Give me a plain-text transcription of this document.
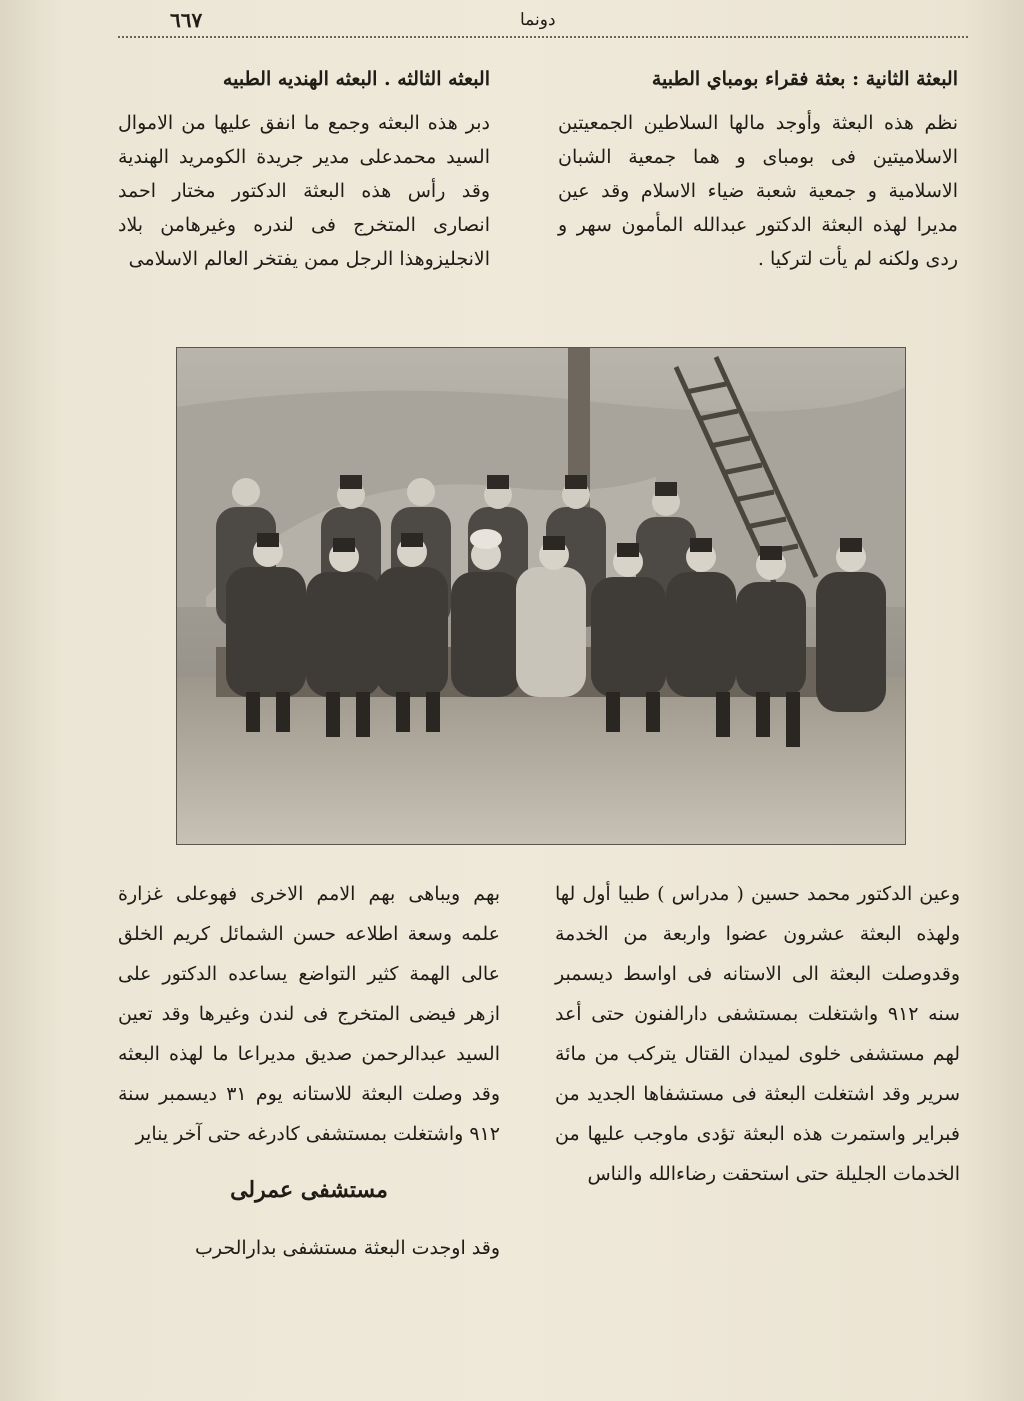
٦٦٧	دونما
البعثة الثانية : بعثة فقراء بومباي الطبية

نظم هذه البعثة وأوجد مالها السلاطين الجمعيتين الاسلاميتين فى بومباى و هما جمعية الشبان الاسلامية و جمعية شعبة ضياء الاسلام وقد عين مديرا لهذه البعثة الدكتور عبدالله المأمون سهر و ردى ولكنه لم يأت لتركيا .

البعثه الثالثه . البعثه الهنديه الطبيه

دبر هذه البعثه وجمع ما انفق عليها من الاموال السيد محمدعلى مدير جريدة الكومريد الهندية وقد رأس هذه البعثة الدكتور مختار احمد انصارى المتخرج فى لندره وغيرهامن بلاد الانجليزوهذا الرجل ممن يفتخر العالم الاسلامى

وعين الدكتور محمد حسين ( مدراس ) طبيا أول لها ولهذه البعثة عشرون عضوا واربعة من الخدمة وقدوصلت البعثة الى الاستانه فى اواسط ديسمبر سنه ٩١٢ واشتغلت بمستشفى دارالفنون حتى أعد لهم مستشفى خلوى لميدان القتال يتركب من مائة سرير وقد اشتغلت البعثة فى مستشفاها الجديد من فبراير واستمرت هذه البعثة تؤدى ماوجب عليها من الخدمات الجليلة حتى استحقت رضاءالله والناس

بهم ويباهى بهم الامم الاخرى فهوعلى غزارة علمه وسعة اطلاعه حسن الشمائل كريم الخلق عالى الهمة كثير التواضع يساعده الدكتور على ازهر فيضى المتخرج فى لندن وغيرها وقد تعين السيد عبدالرحمن صديق مديراعا ما لهذه البعثه وقد وصلت البعثة للاستانه يوم ٣١ ديسمبر سنة ٩١٢ واشتغلت بمستشفى كادرغه حتى آخر يناير

مستشفى عمرلى

وقد اوجدت البعثة مستشفى بدارالحرب
